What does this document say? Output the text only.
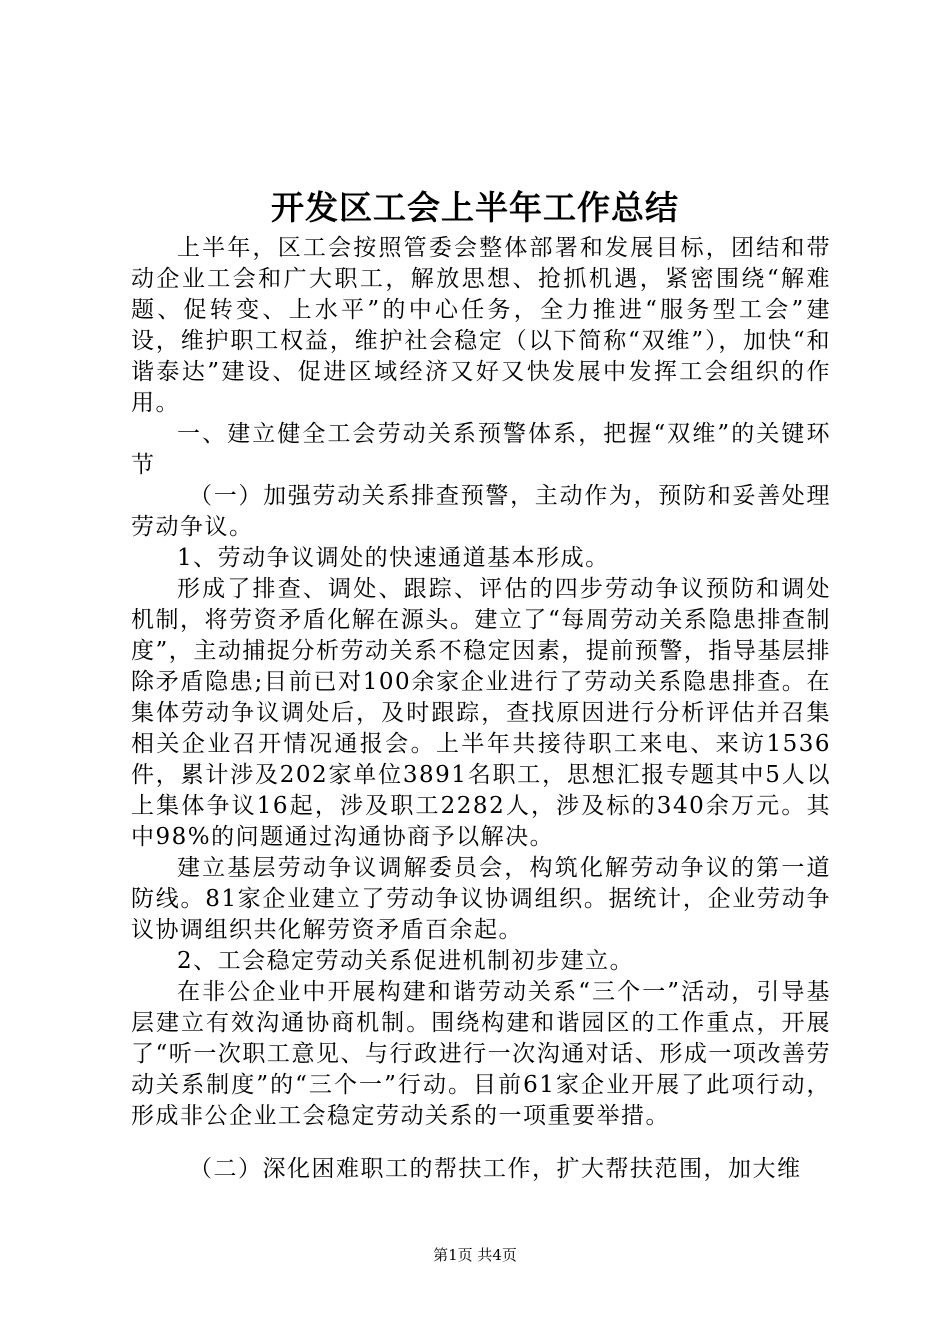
开发区工会上半年工作总结

上半年，区工会按照管委会整体部署和发展目标，团结和带动企业工会和广大职工，解放思想、抢抓机遇，紧密围绕“解难题、促转变、上水平”的中心任务，全力推进“服务型工会”建设，维护职工权益，维护社会稳定（以下简称“双维”），加快“和谐泰达”建设、促进区域经济又好又快发展中发挥工会组织的作用。

一、建立健全工会劳动关系预警体系，把握“双维”的关键环节

（一）加强劳动关系排查预警，主动作为，预防和妥善处理劳动争议。

1、劳动争议调处的快速通道基本形成。

形成了排查、调处、跟踪、评估的四步劳动争议预防和调处机制，将劳资矛盾化解在源头。建立了“每周劳动关系隐患排查制度”，主动捕捉分析劳动关系不稳定因素，提前预警，指导基层排除矛盾隐患;目前已对100余家企业进行了劳动关系隐患排查。在集体劳动争议调处后，及时跟踪，查找原因进行分析评估并召集相关企业召开情况通报会。上半年共接待职工来电、来访1536件，累计涉及202家单位3891名职工，思想汇报专题其中5人以上集体争议16起，涉及职工2282人，涉及标的340余万元。其中98%的问题通过沟通协商予以解决。

建立基层劳动争议调解委员会，构筑化解劳动争议的第一道防线。81家企业建立了劳动争议协调组织。据统计，企业劳动争议协调组织共化解劳资矛盾百余起。

2、工会稳定劳动关系促进机制初步建立。

在非公企业中开展构建和谐劳动关系“三个一”活动，引导基层建立有效沟通协商机制。围绕构建和谐园区的工作重点，开展了“听一次职工意见、与行政进行一次沟通对话、形成一项改善劳动关系制度”的“三个一”行动。目前61家企业开展了此项行动，形成非公企业工会稳定劳动关系的一项重要举措。

（二）深化困难职工的帮扶工作，扩大帮扶范围，加大维

第1页 共4页
